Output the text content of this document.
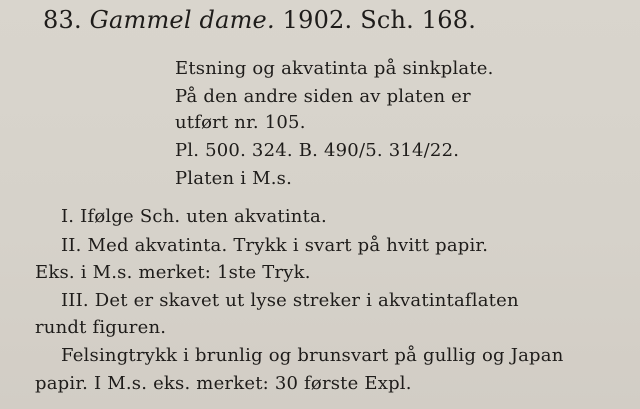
83. Gammel dame. 1902. Sch. 168.
Etsning og akvatinta på sinkplate.
På den andre siden av platen er
utført nr. 105.
Pl. 500. 324. B. 490/5. 314/22.
Platen i M.s.
I. Ifølge Sch. uten akvatinta.
II. Med akvatinta. Trykk i svart på hvitt papir.
Eks. i M.s. merket: 1ste Tryk.
III. Det er skavet ut lyse streker i akvatintaflaten
rundt figuren.
Felsingtrykk i brunlig og brunsvart på gullig og Japan
papir. I M.s. eks. merket: 30 første Expl.
